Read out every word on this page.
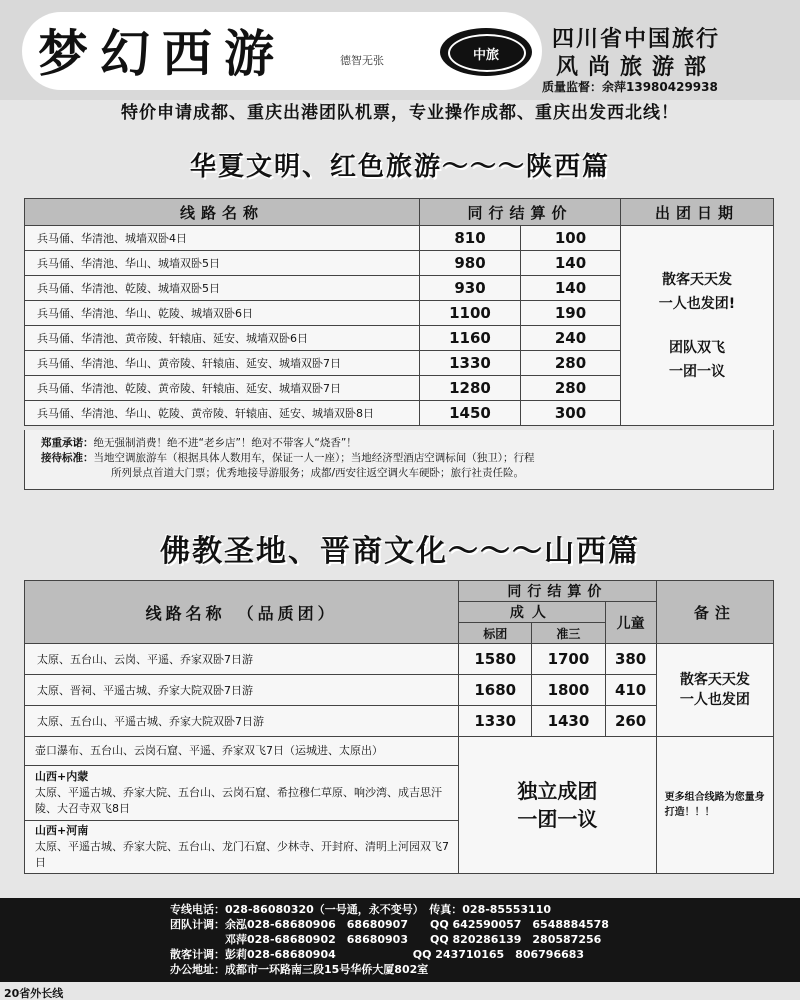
梦幻西游	德智无张	中旅
四川省中国旅行
风尚旅游部
质量监督：余萍13980429938
特价申请成都、重庆出港团队机票，专业操作成都、重庆出发西北线！
华夏文明、红色旅游～～～陕西篇
线路名称	同行结算价		出团日期
兵马俑、华清池、城墙双卧4日	810	100	散客天天发
一人也发团!
团队双飞
一团一议

兵马俑、华清池、华山、城墙双卧5日	980	140	
兵马俑、华清池、乾陵、城墙双卧5日	930	140	
兵马俑、华清池、华山、乾陵、城墙双卧6日	1100	190	
兵马俑、华清池、黄帝陵、轩辕庙、延安、城墙双卧6日	1160	240	
兵马俑、华清池、华山、黄帝陵、轩辕庙、延安、城墙双卧7日	1330	280	
兵马俑、华清池、乾陵、黄帝陵、轩辕庙、延安、城墙双卧7日	1280	280	
兵马俑、华清池、华山、乾陵、黄帝陵、轩辕庙、延安、城墙双卧8日	1450	300	
郑重承诺：绝无强制消费！绝不进“老乡店”！绝对不带客人“烧香”！
接待标准：当地空调旅游车（根据具体人数用车，保证一人一座）；当地经济型酒店空调标间（独卫）；行程
所列景点首道大门票；优秀地接导游服务；成都/西安往返空调火车硬卧；旅行社责任险。
佛教圣地、晋商文化～～～山西篇
线路名称　（品质团）	同行结算价			备注
	成人		儿童	
	标团	准三		
太原、五台山、云岗、平遥、乔家双卧7日游	1580	1700	380	散客天天发
一人也发团

太原、晋祠、平遥古城、乔家大院双卧7日游	1680	1800	410	
太原、五台山、平遥古城、乔家大院双卧7日游	1330	1430	260	
壶口瀑布、五台山、云岗石窟、平遥、乔家双飞7日（运城进、太原出）	独立成团
一团一议			更多组合线路为您量身打造！！！

山西+内蒙
太原、平遥古城、乔家大院、五台山、云岗石窟、希拉穆仁草原、响沙湾、成吉思汗陵、大召寺双飞8日				

山西+河南
太原、平遥古城、乔家大院、五台山、龙门石窟、少林寺、开封府、清明上河园双飞7日				
专线电话：028-86080320（一号通，永不变号）　传真：028-85553110
团队计调：余泓028-68680906　68680907　　QQ 642590057　6548884578
　　　　　邓萍028-68680902　68680903　　QQ 820286139　280587256
散客计调：彭莉028-68680904　　　　　　　QQ 243710165　806796683
办公地址：成都市一环路南三段15号华侨大厦802室
20省外长线
